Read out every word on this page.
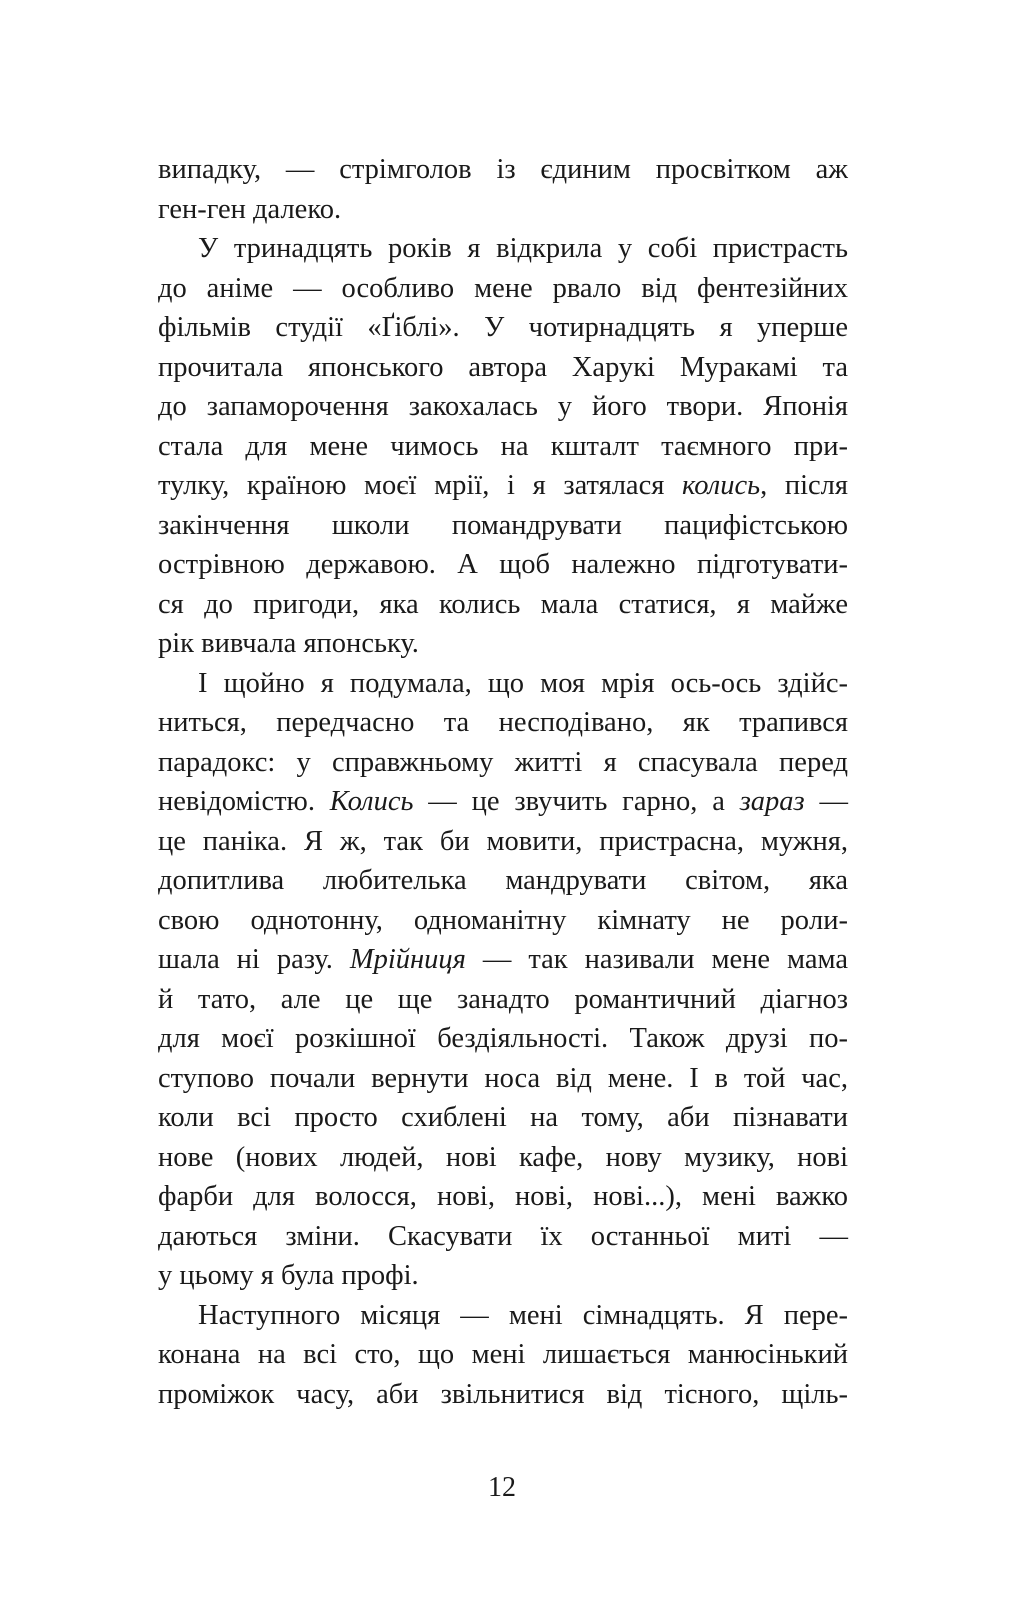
випадку, — стрімголов із єдиним просвітком аж
ген-ген далеко.
У тринадцять років я відкрила у собі пристрасть
до аніме — особливо мене рвало від фентезійних
фільмів студії «Ґіблі». У чотирнадцять я уперше
прочитала японського автора Харукі Муракамі та
до запаморочення закохалась у його твори. Японія
стала для мене чимось на кшталт таємного при-
тулку, країною моєї мрії, і я затялася колись, після
закінчення школи помандрувати пацифістською
острівною державою. А щоб належно підготувати-
ся до пригоди, яка колись мала статися, я майже
рік вивчала японську.
І щойно я подумала, що моя мрія ось-ось здійс-
ниться, передчасно та несподівано, як трапився
парадокс: у справжньому житті я спасувала перед
невідомістю. Колись — це звучить гарно, а зараз —
це паніка. Я ж, так би мовити, пристрасна, мужня,
допитлива любителька мандрувати світом, яка
свою однотонну, одноманітну кімнату не poли-
шала ні разу. Мрійниця — так називали мене мама
й тато, але це ще занадто романтичний діагноз
для моєї розкішної бездіяльності. Також друзі по-
ступово почали вернути носа від мене. І в той час,
коли всі просто схиблені на тому, аби пізнавати
нове (нових людей, нові кафе, нову музику, нові
фарби для волосся, нові, нові, нові...), мені важко
даються зміни. Скасувати їх останньої миті —
у цьому я була профі.
Наступного місяця — мені сімнадцять. Я пере-
конана на всі сто, що мені лишається манюсінький
проміжок часу, аби звільнитися від тісного, щіль-
12
